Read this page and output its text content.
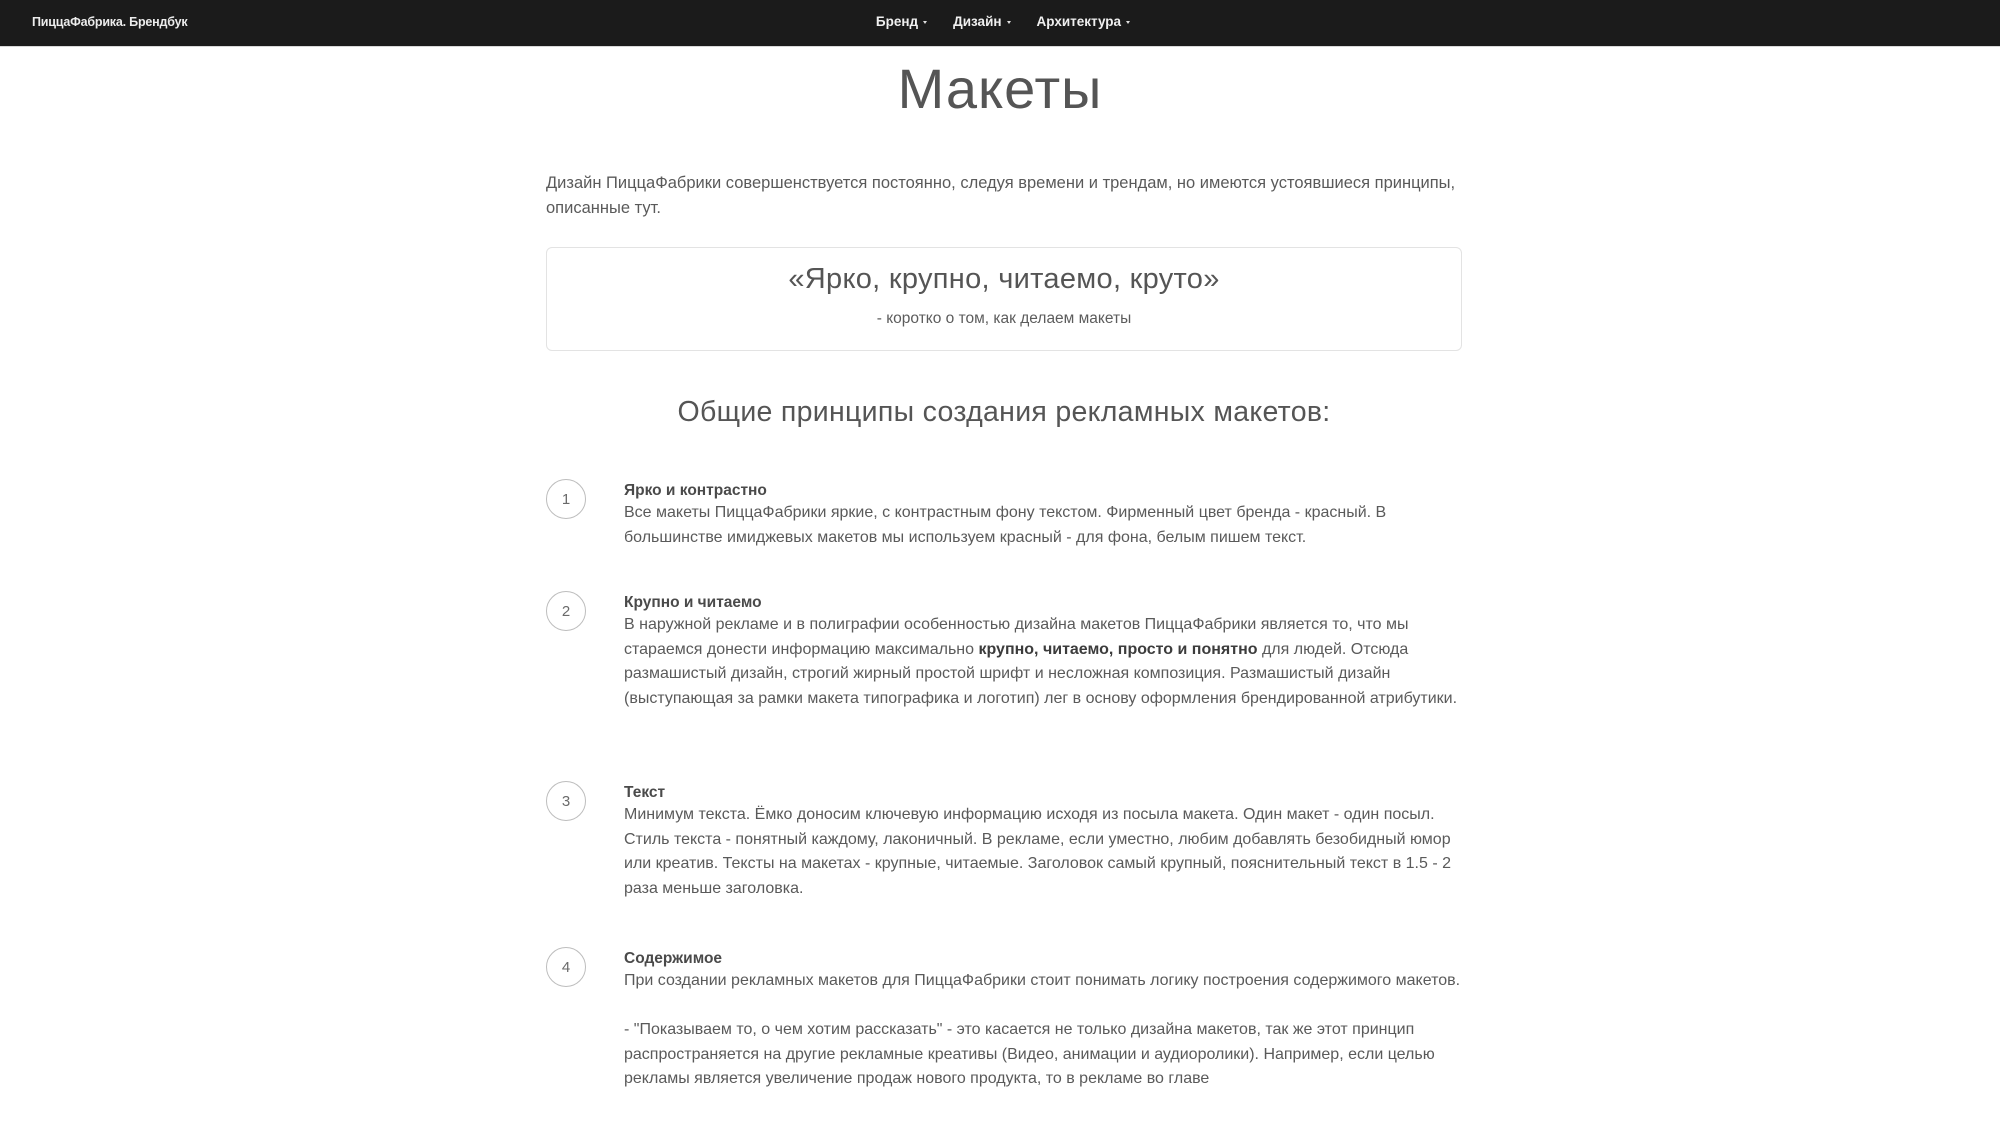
ПиццаФабрика. Брендбук	Бренд	Дизайн	Архитектура
Макеты

Дизайн ПиццаФабрики совершенствуется постоянно, следуя времени и трендам, но имеются устоявшиеся принципы, описанные тут.

«Ярко, крупно, читаемо, круто»
- коротко о том, как делаем макеты
Общие принципы создания рекламных макетов:
1	Ярко и контрастно
Все макеты ПиццаФабрики яркие, с контрастным фону текстом. Фирменный цвет бренда - красный. В большинстве имиджевых макетов мы используем красный - для фона, белым пишем текст.
2	Крупно и читаемо
В наружной рекламе и в полиграфии особенностью дизайна макетов ПиццаФабрики является то, что мы стараемся донести информацию максимально крупно, читаемо, просто и понятно для людей. Отсюда размашистый дизайн, строгий жирный простой шрифт и несложная композиция. Размашистый дизайн (выступающая за рамки макета типографика и логотип) лег в основу оформления брендированной атрибутики.
3	Текст
Минимум текста. Ёмко доносим ключевую информацию исходя из посыла макета. Один макет - один посыл. Стиль текста - понятный каждому, лаконичный. В рекламе, если уместно, любим добавлять безобидный юмор или креатив. Тексты на макетах - крупные, читаемые. Заголовок самый крупный, пояснительный текст в 1.5 - 2 раза меньше заголовка.
4	Содержимое

При создании рекламных макетов для ПиццаФабрики стоит понимать логику построения содержимого макетов.

- "Показываем то, о чем хотим рассказать" - это касается не только дизайна макетов, так же этот принцип распространяется на другие рекламные креативы (Видео, анимации и аудиоролики). Например, если целью рекламы является увеличение продаж нового продукта, то в рекламе во главе
